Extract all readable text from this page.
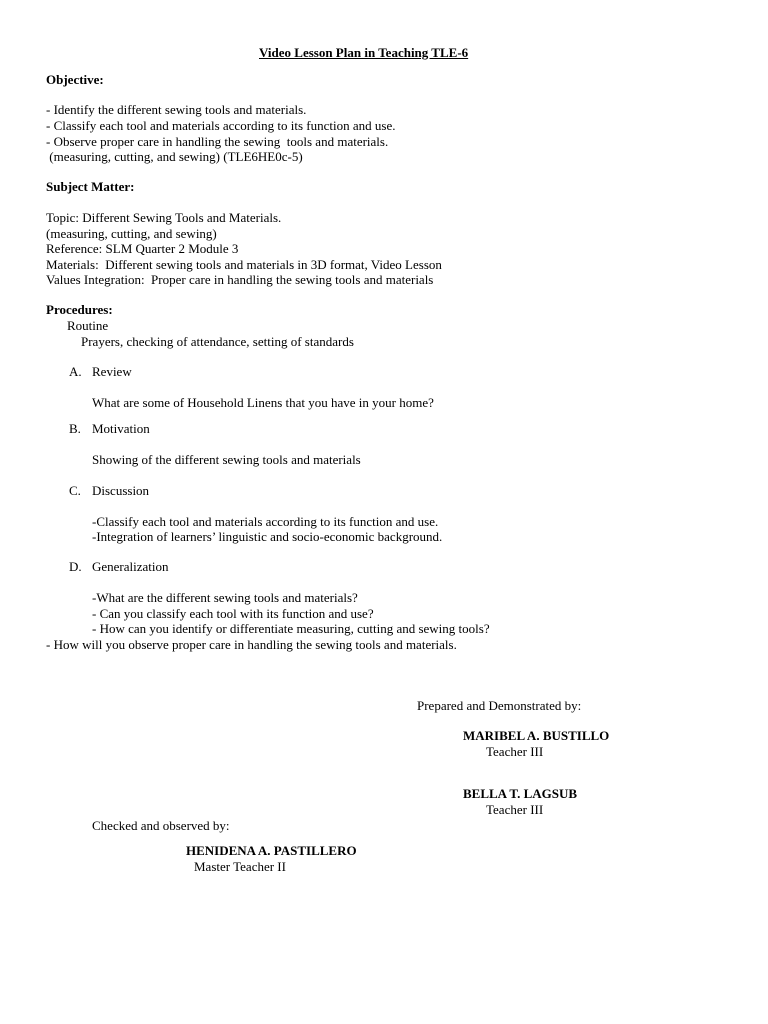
Video Lesson Plan in Teaching TLE-6
Objective:
- Identify the different sewing tools and materials.
- Classify each tool and materials according to its function and use.
- Observe proper care in handling the sewing  tools and materials.
(measuring, cutting, and sewing) (TLE6HE0c-5)
Subject Matter:
Topic: Different Sewing Tools and Materials.
(measuring, cutting, and sewing)
Reference: SLM Quarter 2 Module 3
Materials:  Different sewing tools and materials in 3D format, Video Lesson
Values Integration:  Proper care in handling the sewing tools and materials
Procedures:
Routine
Prayers, checking of attendance, setting of standards
A. Review
What are some of Household Linens that you have in your home?
B. Motivation
Showing of the different sewing tools and materials
C. Discussion
-Classify each tool and materials according to its function and use.
-Integration of learners’ linguistic and socio-economic background.
D. Generalization
-What are the different sewing tools and materials?
- Can you classify each tool with its function and use?
- How can you identify or differentiate measuring, cutting and sewing tools?
- How will you observe proper care in handling the sewing tools and materials.
Prepared and Demonstrated by:
MARIBEL A. BUSTILLO
Teacher III
BELLA T. LAGSUB
Teacher III
Checked and observed by:
HENIDENA A. PASTILLERO
Master Teacher II
